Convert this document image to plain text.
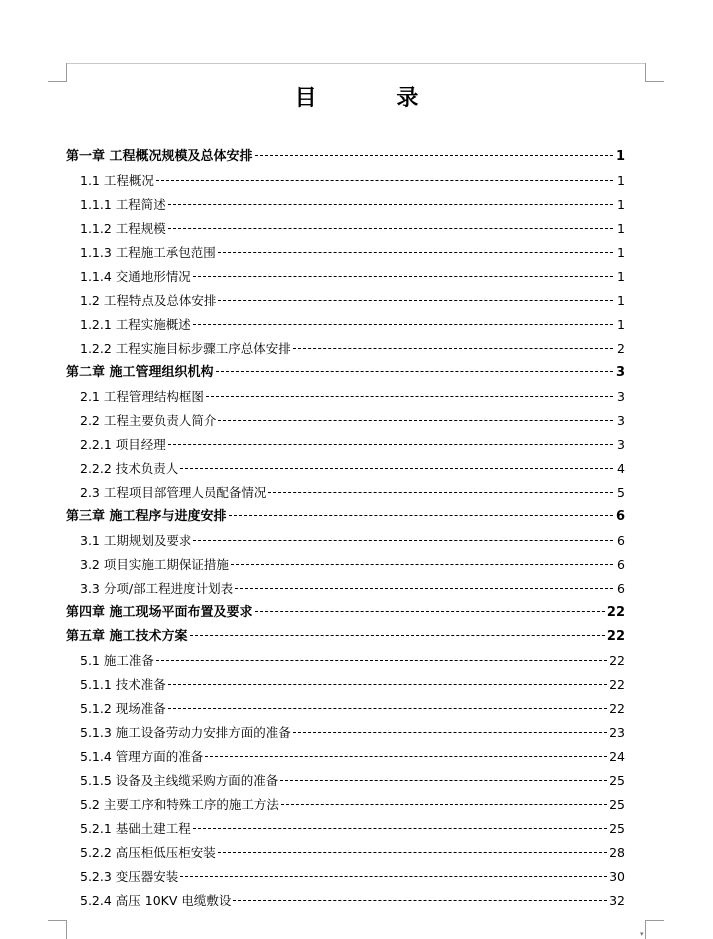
目 录
第一章 工程概况规模及总体安排	1
1.1 工程概况	1
1.1.1 工程简述	1
1.1.2 工程规模	1
1.1.3 工程施工承包范围	1
1.1.4 交通地形情况	1
1.2 工程特点及总体安排	1
1.2.1 工程实施概述	1
1.2.2 工程实施目标步骤工序总体安排	2
第二章 施工管理组织机构	3
2.1 工程管理结构框图	3
2.2 工程主要负责人简介	3
2.2.1 项目经理	3
2.2.2 技术负责人	4
2.3 工程项目部管理人员配备情况	5
第三章 施工程序与进度安排	6
3.1 工期规划及要求	6
3.2 项目实施工期保证措施	6
3.3 分项/部工程进度计划表	6
第四章 施工现场平面布置及要求	22
第五章 施工技术方案	22
5.1 施工准备	22
5.1.1 技术准备	22
5.1.2 现场准备	22
5.1.3 施工设备劳动力安排方面的准备	23
5.1.4 管理方面的准备	24
5.1.5 设备及主线缆采购方面的准备	25
5.2 主要工序和特殊工序的施工方法	25
5.2.1 基础土建工程	25
5.2.2 高压柜低压柜安装	28
5.2.3 变压器安装	30
5.2.4 高压 10KV 电缆敷设	32
▾
